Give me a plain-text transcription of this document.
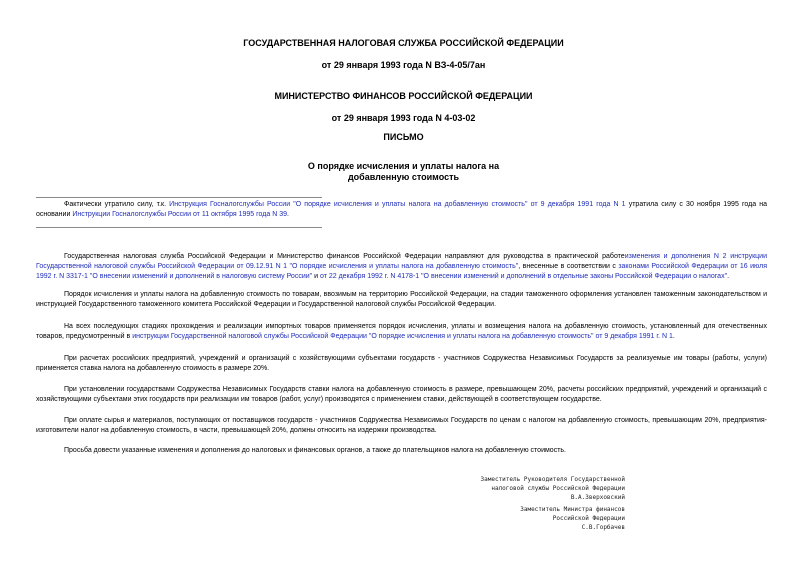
ГОСУДАРСТВЕННАЯ НАЛОГОВАЯ СЛУЖБА РОССИЙСКОЙ ФЕДЕРАЦИИ
от 29 января 1993 года N ВЗ-4-05/7ан
МИНИСТЕРСТВО ФИНАНСОВ РОССИЙСКОЙ ФЕДЕРАЦИИ
от 29 января 1993 года N 4-03-02
ПИСЬМО
О порядке исчисления и уплаты налога на
добавленную стоимость

Фактически утратило силу, т.к. Инструкция Госналогслужбы России "О порядке исчисления и уплаты налога на добавленную стоимость" от 9 декабря 1991 года N 1 утратила силу с 30 ноября 1995 года на основании Инструкции Госналогслужбы России от 11 октября 1995 года N 39.

Государственная налоговая служба Российской Федерации и Министерство финансов Российской Федерации направляют для руководства в практической работеизменения и дополнения N 2 инструкции Государственной налоговой службы Российской Федерации от 09.12.91 N 1 "О порядке исчисления и уплаты налога на добавленную стоимость", внесенные в соответствии с законами Российской Федерации от 16 июля 1992 г. N 3317-1 "О внесении изменений и дополнений в налоговую систему России" и от 22 декабря 1992 г. N 4178-1 "О внесении изменений и дополнений в отдельные законы Российской Федерации о налогах".

Порядок исчисления и уплаты налога на добавленную стоимость по товарам, ввозимым на территорию Российской Федерации, на стадии таможенного оформления установлен таможенным законодательством и инструкцией Государственного таможенного комитета Российской Федерации и Государственной налоговой службы Российской Федерации.

На всех последующих стадиях прохождения и реализации импортных товаров применяется порядок исчисления, уплаты и возмещения налога на добавленную стоимость, установленный для отечественных товаров, предусмотренный в инструкции Государственной налоговой службы Российской Федерации "О порядке исчисления и уплаты налога на добавленную стоимость" от 9 декабря 1991 г. N 1.

При расчетах российских предприятий, учреждений и организаций с хозяйствующими субъектами государств - участников Содружества Независимых Государств за реализуемые им товары (работы, услуги) применяется ставка налога на добавленную стоимость в размере 20%.

При установлении государствами Содружества Независимых Государств ставки налога на добавленную стоимость в размере, превышающем 20%, расчеты российских предприятий, учреждений и организаций с хозяйствующими субъектами этих государств при реализации им товаров (работ, услуг) производятся с применением ставки, действующей в соответствующем государстве.

При оплате сырья и материалов, поступающих от поставщиков государств - участников Содружества Независимых Государств по ценам с налогом на добавленную стоимость, превышающим 20%, предприятия-изготовители налог на добавленную стоимость, в части, превышающей 20%, должны относить на издержки производства.

Просьба довести указанные изменения и дополнения до налоговых и финансовых органов, а также до плательщиков налога на добавленную стоимость.

Заместитель Руководителя Государственной
налоговой службы Российской Федерации
В.А.Зверховский
Заместитель Министра финансов
Российской Федерации
С.В.Горбачев
